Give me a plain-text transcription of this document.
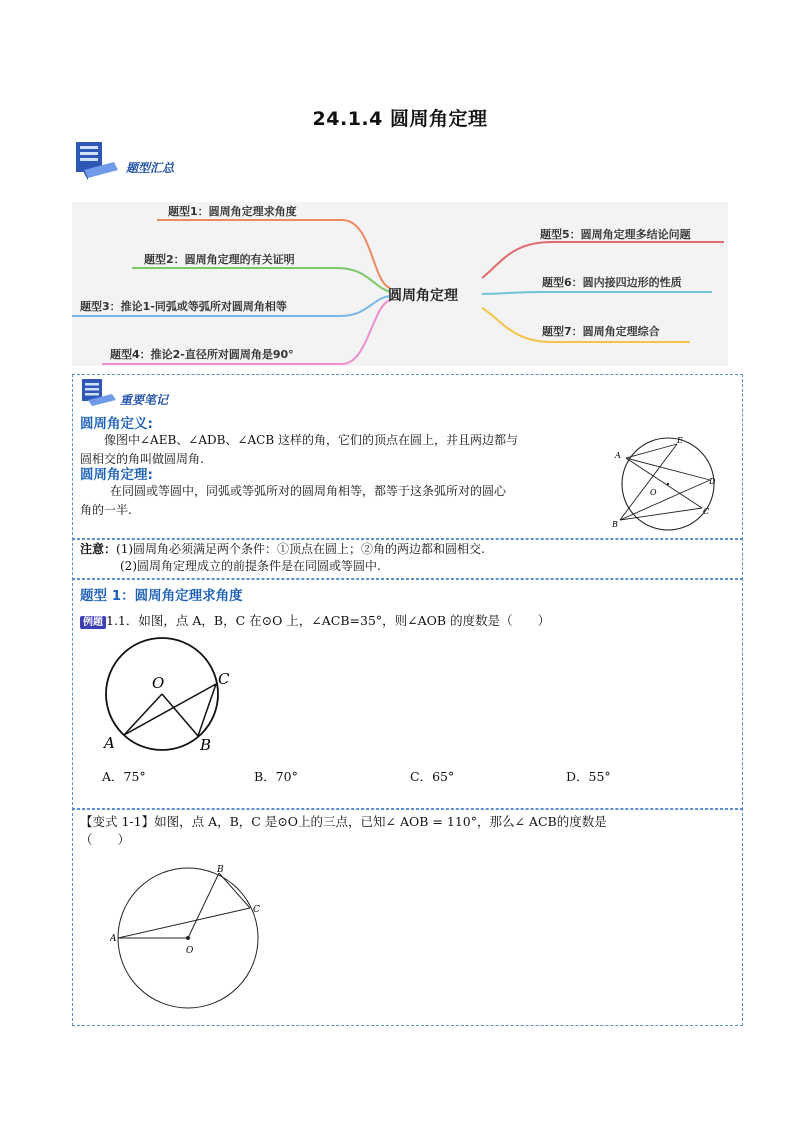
24.1.4 圆周角定理
题型汇总
题型1：圆周角定理求角度
题型2：圆周角定理的有关证明
题型3：推论1-同弧或等弧所对圆周角相等
题型4：推论2-直径所对圆周角是90°
圆周角定理
题型5：圆周角定理多结论问题
题型6：圆内接四边形的性质
题型7：圆周角定理综合
重要笔记
圆周角定义:
像图中∠AEB、∠ADB、∠ACB 这样的角，它们的顶点在圆上，并且两边都与
圆相交的角叫做圆周角.
圆周角定理:
在同圆或等圆中，同弧或等弧所对的圆周角相等，都等于这条弧所对的圆心
角的一半.
A
E
D
O
C
B
注意：(1)圆周角必须满足两个条件：①顶点在圆上；②角的两边都和圆相交.
(2)圆周角定理成立的前提条件是在同圆或等圆中.
题型 1：圆周角定理求角度
例题 1.1．如图，点 A，B，C 在⊙O 上，∠ACB=35°，则∠AOB 的度数是（　　）
O	C
A	B
A．75°	B．70°	C．65°	D．55°
【变式 1-1】如图，点 A，B，C 是⊙O上的三点，已知∠ AOB = 110°，那么∠ ACB的度数是
（　　）
A
B
C
O
